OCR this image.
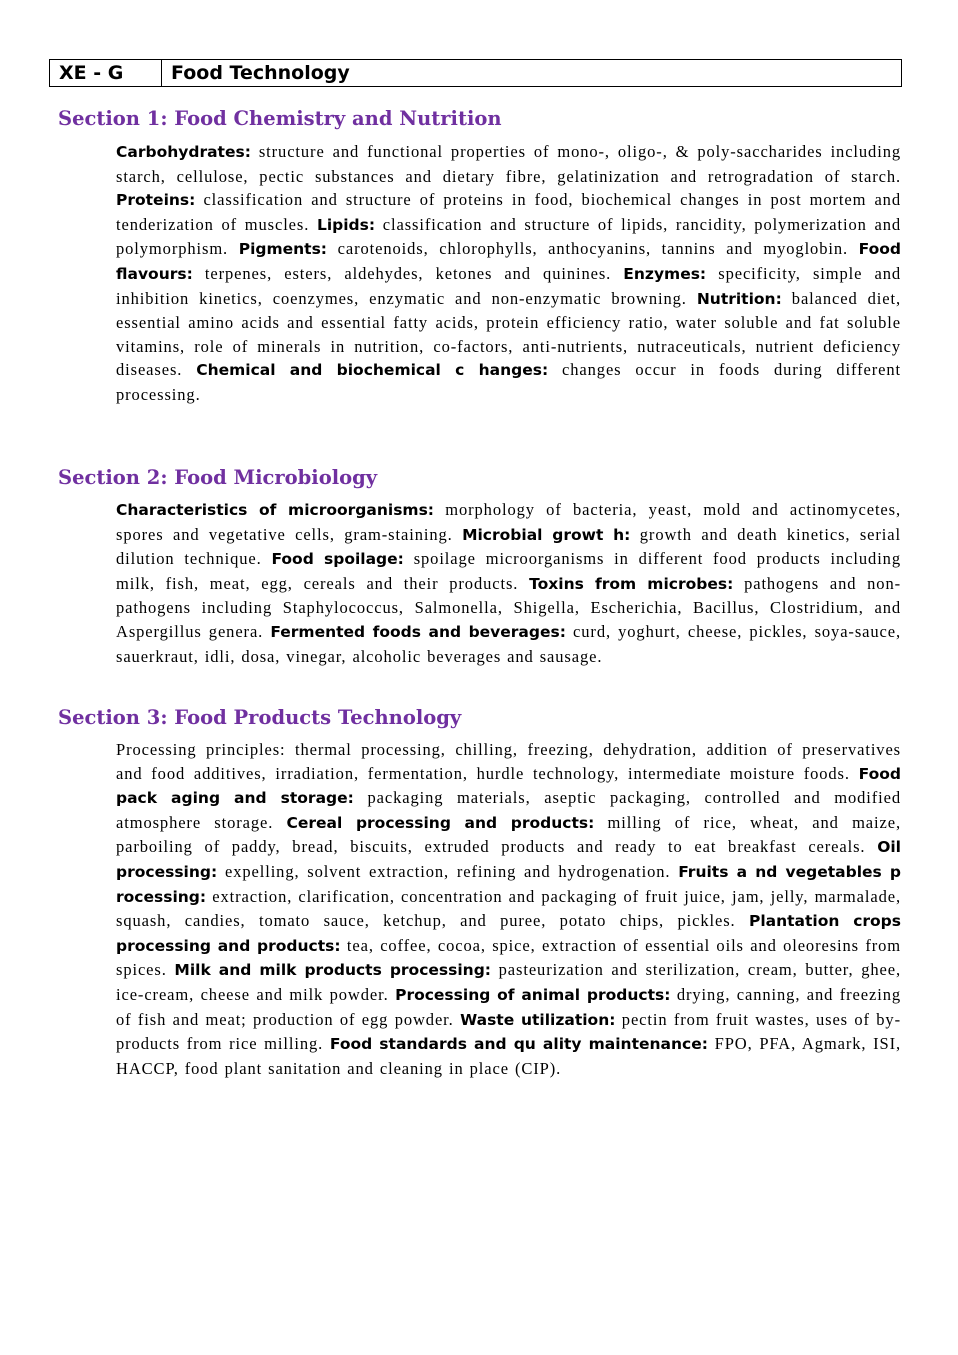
XE - G	Food Technology
Section 1: Food Chemistry and Nutrition

Carbohydrates: structure and functional properties of mono-, oligo-, & poly-saccharides including starch, cellulose, pectic substances and dietary fibre, gelatinization and retrogradation of starch. Proteins: classification and structure of proteins in food, biochemical changes in post mortem and tenderization of muscles. Lipids: classification and structure of lipids, rancidity, polymerization and polymorphism. Pigments: carotenoids, chlorophylls, anthocyanins, tannins and myoglobin. Food flavours: terpenes, esters, aldehydes, ketones and quinines. Enzymes: specificity, simple and inhibition kinetics, coenzymes, enzymatic and non-enzymatic browning. Nutrition: balanced diet, essential amino acids and essential fatty acids, protein efficiency ratio, water soluble and fat soluble vitamins, role of minerals in nutrition, co-factors, anti-nutrients, nutraceuticals, nutrient deficiency diseases. Chemical and biochemical c hanges: changes occur in foods during different processing.

Section 2: Food Microbiology

Characteristics of microorganisms: morphology of bacteria, yeast, mold and actinomycetes, spores and vegetative cells, gram-staining. Microbial growt h: growth and death kinetics, serial dilution technique. Food spoilage: spoilage microorganisms in different food products including milk, fish, meat, egg, cereals and their products. Toxins from microbes: pathogens and non-pathogens including Staphylococcus, Salmonella, Shigella, Escherichia, Bacillus, Clostridium, and Aspergillus genera. Fermented foods and beverages: curd, yoghurt, cheese, pickles, soya-sauce, sauerkraut, idli, dosa, vinegar, alcoholic beverages and sausage.

Section 3: Food Products Technology

Processing principles: thermal processing, chilling, freezing, dehydration, addition of preservatives and food additives, irradiation, fermentation, hurdle technology, intermediate moisture foods. Food pack aging and storage: packaging materials, aseptic packaging, controlled and modified atmosphere storage. Cereal processing and products: milling of rice, wheat, and maize, parboiling of paddy, bread, biscuits, extruded products and ready to eat breakfast cereals. Oil processing: expelling, solvent extraction, refining and hydrogenation. Fruits a nd vegetables p rocessing: extraction, clarification, concentration and packaging of fruit juice, jam, jelly, marmalade, squash, candies, tomato sauce, ketchup, and puree, potato chips, pickles. Plantation crops processing and products: tea, coffee, cocoa, spice, extraction of essential oils and oleoresins from spices. Milk and milk products processing: pasteurization and sterilization, cream, butter, ghee, ice-cream, cheese and milk powder. Processing of animal products: drying, canning, and freezing of fish and meat; production of egg powder. Waste utilization: pectin from fruit wastes, uses of by-products from rice milling. Food standards and qu ality maintenance: FPO, PFA, Agmark, ISI, HACCP, food plant sanitation and cleaning in place (CIP).
